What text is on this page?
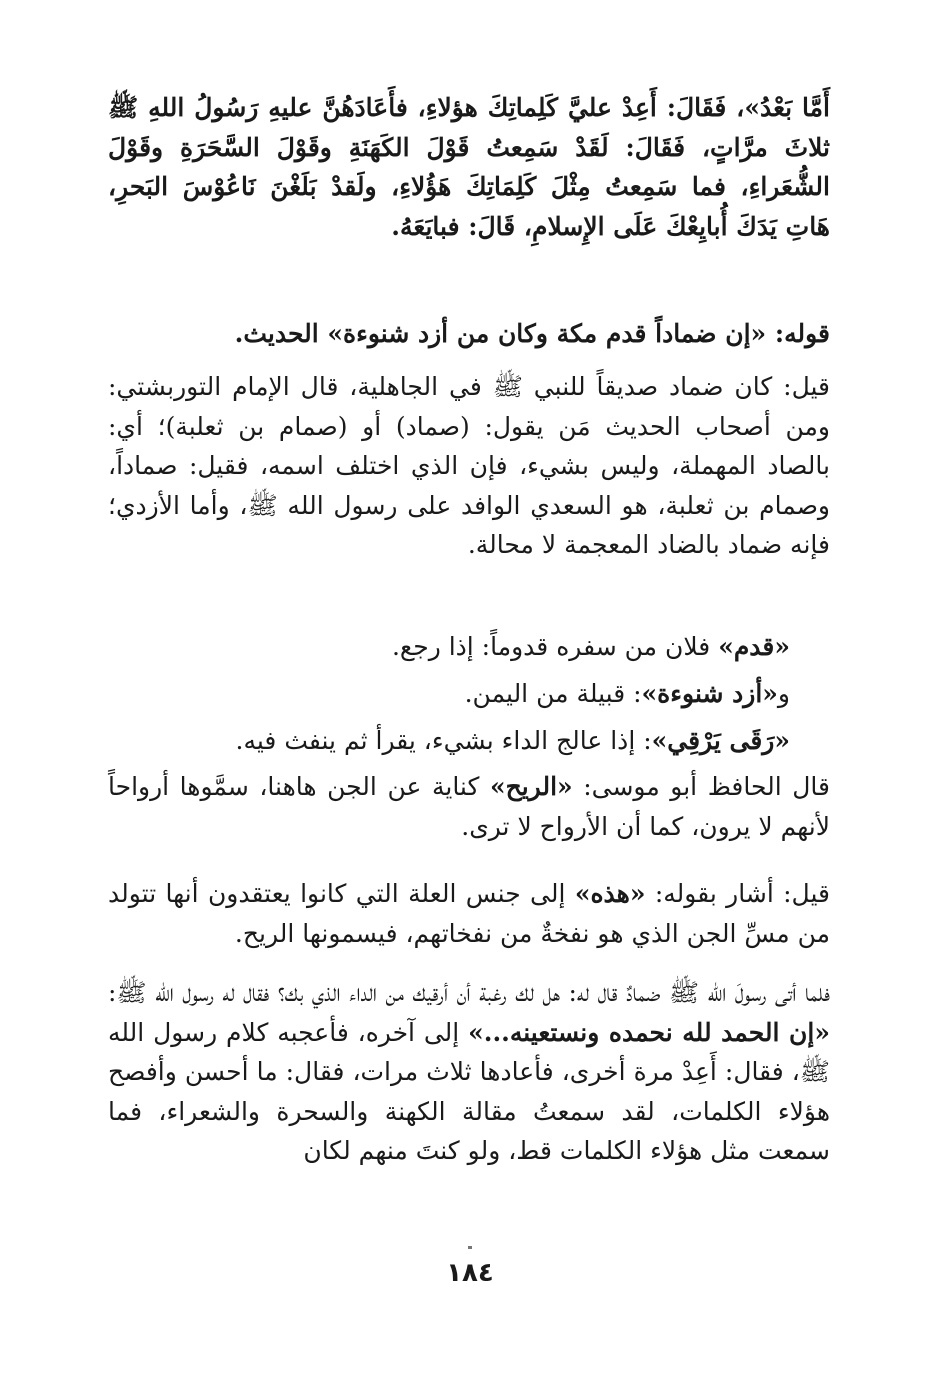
أَمَّا بَعْدُ»، فَقَالَ: أَعِدْ عليَّ كَلِماتِكَ هؤلاءِ، فأَعَادَهُنَّ عليهِ رَسُولُ اللهِ ﷺ ثلاثَ مرَّاتٍ، فَقَالَ: لَقَدْ سَمِعتُ قَوْلَ الكَهَنَةِ وقَوْلَ السَّحَرَةِ وقَوْلَ الشُّعَراءِ، فما سَمِعتُ مِثْلَ كَلِمَاتِكَ هَؤُلاءِ، ولَقدْ بَلَغْنَ نَاعُوْسَ البَحرِ، هَاتِ يَدَكَ أُبايِعْكَ عَلَى الإِسلامِ، قَالَ: فبايَعَهُ.

قوله: «إن ضماداً قدم مكة وكان من أزد شنوءة» الحديث.

قيل: كان ضماد صديقاً للنبي ﷺ في الجاهلية، قال الإمام التوربشتي: ومن أصحاب الحديث مَن يقول: (صماد) أو (صمام بن ثعلبة)؛ أي: بالصاد المهملة، وليس بشيء، فإن الذي اختلف اسمه، فقيل: صماداً، وصمام بن ثعلبة، هو السعدي الوافد على رسول الله ﷺ، وأما الأزدي؛ فإنه ضماد بالضاد المعجمة لا محالة.

«قدم» فلان من سفره قدوماً: إذا رجع.

و«أزد شنوءة»: قبيلة من اليمن.

«رَقَى يَرْقِي»: إذا عالج الداء بشيء، يقرأ ثم ينفث فيه.

قال الحافظ أبو موسى: «الريح» كناية عن الجن هاهنا، سمَّوها أرواحاً لأنهم لا يرون، كما أن الأرواح لا ترى.

قيل: أشار بقوله: «هذه» إلى جنس العلة التي كانوا يعتقدون أنها تتولد من مسِّ الجن الذي هو نفخةٌ من نفخاتهم، فيسمونها الريح.

فلما أتى رسولَ الله ﷺ ضمادٌ قال له: هل لك رغبة أن أرقيك من الداء الذي بك؟ فقال له رسول الله ﷺ: «إن الحمد لله نحمده ونستعينه...» إلى آخره، فأعجبه كلام رسول الله ﷺ، فقال: أَعِدْ مرة أخرى، فأعادها ثلاث مرات، فقال: ما أحسن وأفصح هؤلاء الكلمات، لقد سمعتُ مقالة الكهنة والسحرة والشعراء، فما سمعت مثل هؤلاء الكلمات قط، ولو كنتَ منهم لكان

١٨٤
